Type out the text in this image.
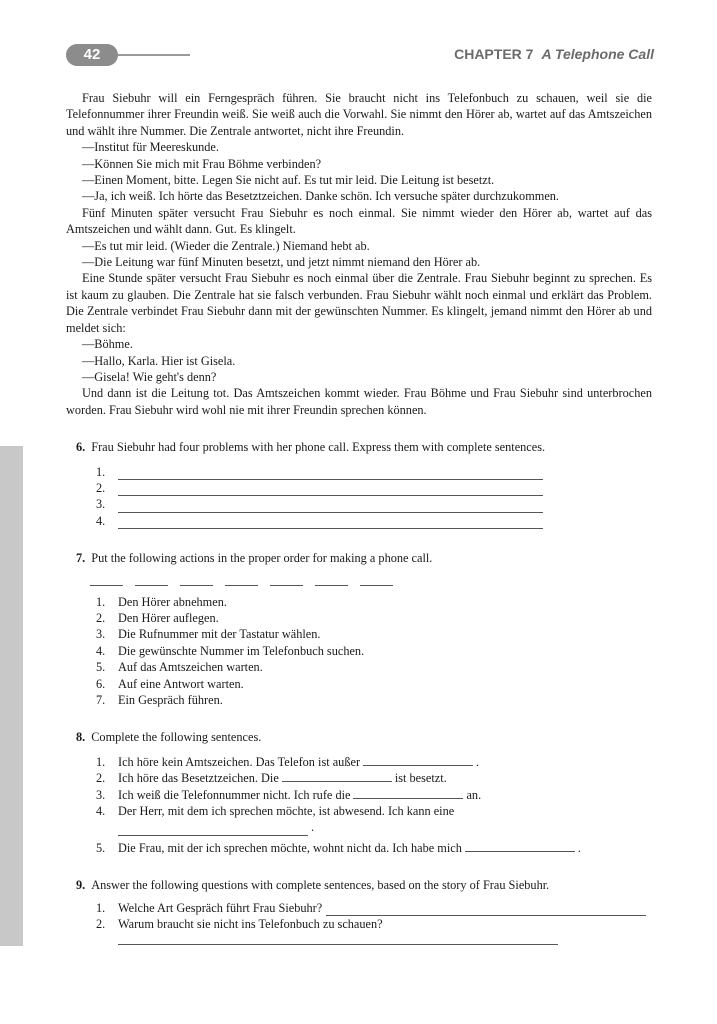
42	CHAPTER 7 A Telephone Call

Frau Siebuhr will ein Ferngespräch führen. Sie braucht nicht ins Telefonbuch zu schauen, weil sie die Telefonnummer ihrer Freundin weiß. Sie weiß auch die Vorwahl. Sie nimmt den Hörer ab, wartet auf das Amtszeichen und wählt ihre Nummer. Die Zentrale antwortet, nicht ihre Freundin.

—Institut für Meereskunde.

—Können Sie mich mit Frau Böhme verbinden?

—Einen Moment, bitte. Legen Sie nicht auf. Es tut mir leid. Die Leitung ist besetzt.

—Ja, ich weiß. Ich hörte das Besetztzeichen. Danke schön. Ich versuche später durchzukommen.

Fünf Minuten später versucht Frau Siebuhr es noch einmal. Sie nimmt wieder den Hörer ab, wartet auf das Amtszeichen und wählt dann. Gut. Es klingelt.

—Es tut mir leid. (Wieder die Zentrale.) Niemand hebt ab.

—Die Leitung war fünf Minuten besetzt, und jetzt nimmt niemand den Hörer ab.

Eine Stunde später versucht Frau Siebuhr es noch einmal über die Zentrale. Frau Siebuhr beginnt zu sprechen. Es ist kaum zu glauben. Die Zentrale hat sie falsch verbunden. Frau Siebuhr wählt noch einmal und erklärt das Problem. Die Zentrale verbindet Frau Siebuhr dann mit der gewünschten Nummer. Es klingelt, jemand nimmt den Hörer ab und meldet sich:

—Böhme.

—Hallo, Karla. Hier ist Gisela.

—Gisela! Wie geht's denn?

Und dann ist die Leitung tot. Das Amtszeichen kommt wieder. Frau Böhme und Frau Siebuhr sind unterbrochen worden. Frau Siebuhr wird wohl nie mit ihrer Freundin sprechen können.

6. Frau Siebuhr had four problems with her phone call. Express them with complete sentences.

1.
2.
3.
4.

7. Put the following actions in the proper order for making a phone call.

1.	Den Hörer abnehmen.
2.	Den Hörer auflegen.
3.	Die Rufnummer mit der Tastatur wählen.
4.	Die gewünschte Nummer im Telefonbuch suchen.
5.	Auf das Amtszeichen warten.
6.	Auf eine Antwort warten.
7.	Ein Gespräch führen.

8. Complete the following sentences.

1.	Ich höre kein Amtszeichen. Das Telefon ist außer	.
2.	Ich höre das Besetztzeichen. Die	ist besetzt.
3.	Ich weiß die Telefonnummer nicht. Ich rufe die	an.
4.	Der Herr, mit dem ich sprechen möchte, ist abwesend. Ich kann eine
.
5.	Die Frau, mit der ich sprechen möchte, wohnt nicht da. Ich habe mich	.

9. Answer the following questions with complete sentences, based on the story of Frau Siebuhr.

1.	Welche Art Gespräch führt Frau Siebuhr?
2.	Warum braucht sie nicht ins Telefonbuch zu schauen?
